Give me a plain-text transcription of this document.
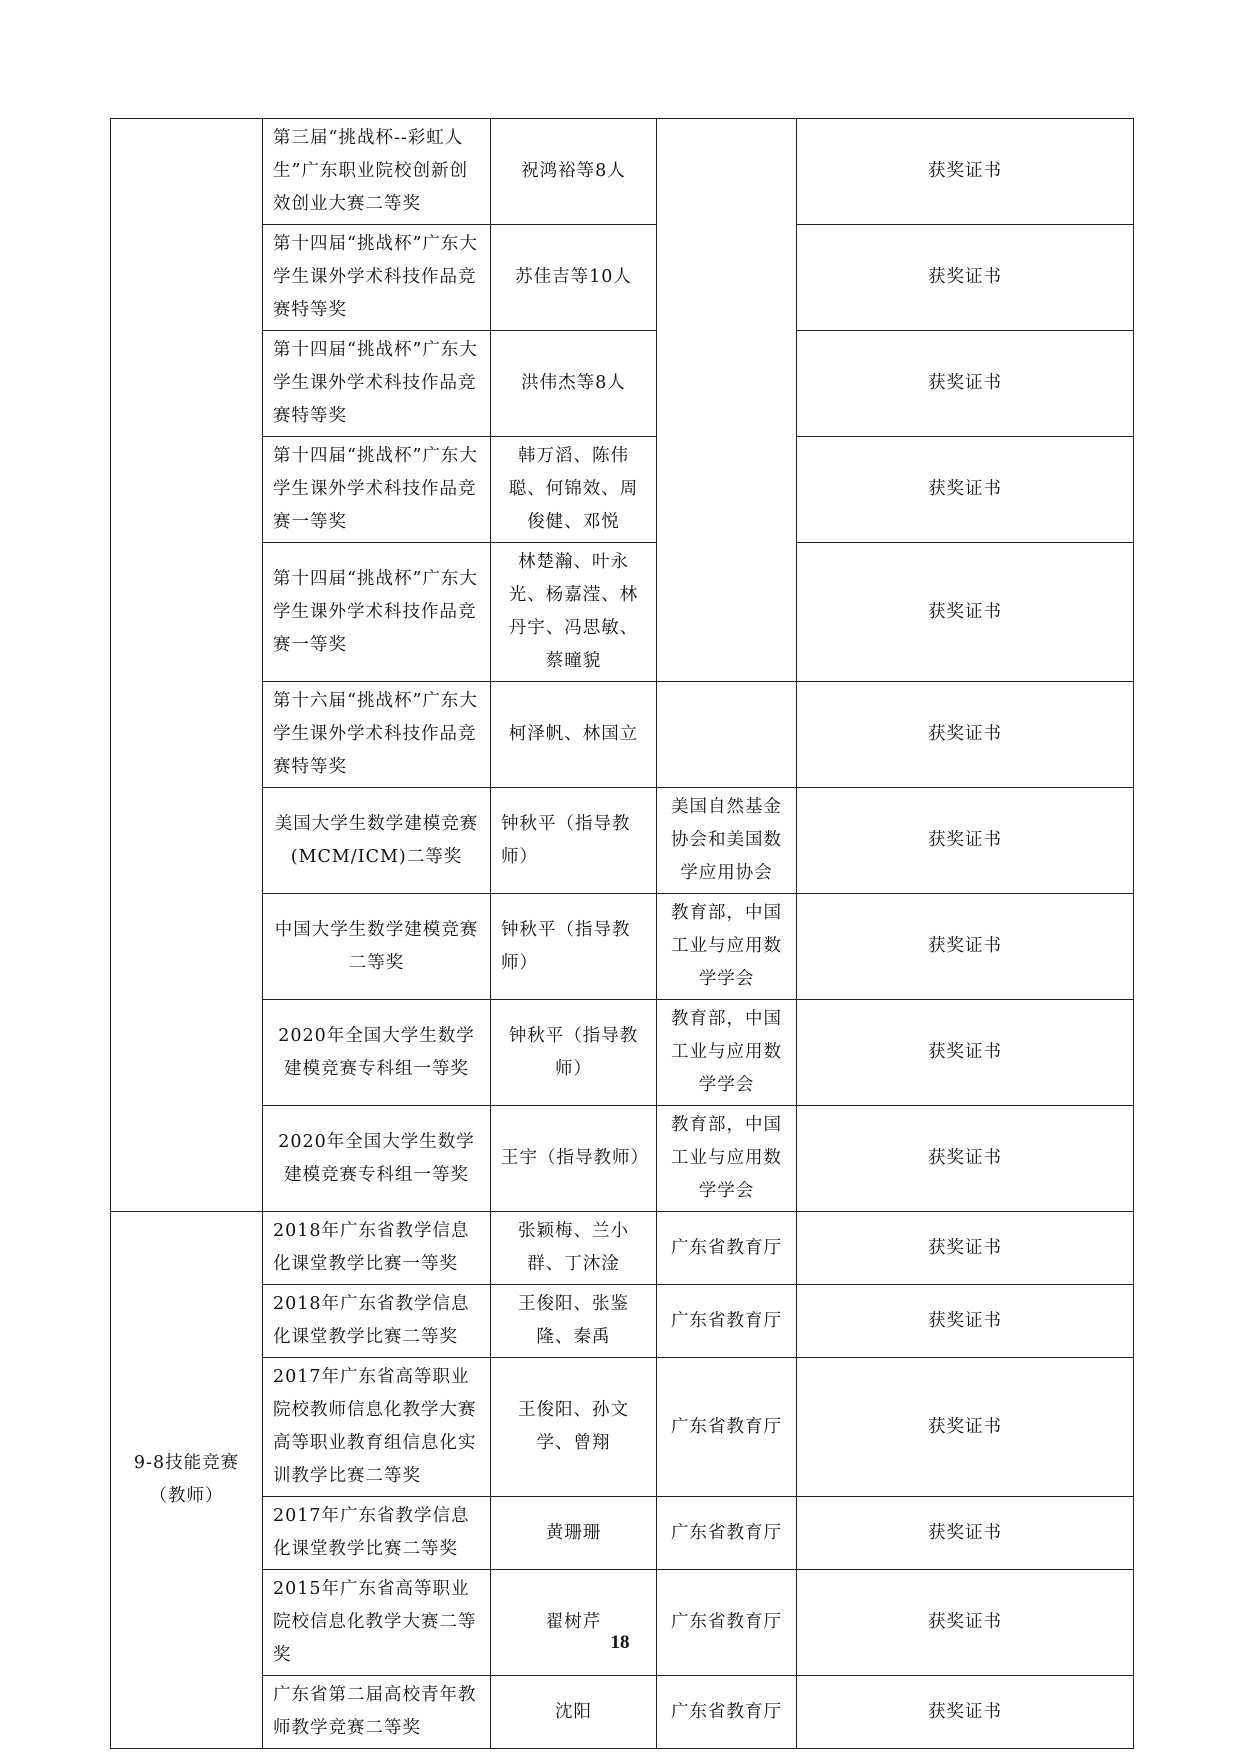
	第三届“挑战杯--彩虹人生”广东职业院校创新创效创业大赛二等奖	祝鸿裕等8人		获奖证书
	第十四届“挑战杯”广东大学生课外学术科技作品竞赛特等奖	苏佳吉等10人		获奖证书
	第十四届“挑战杯”广东大学生课外学术科技作品竞赛特等奖	洪伟杰等8人		获奖证书
	第十四届“挑战杯”广东大学生课外学术科技作品竞赛一等奖	韩万滔、陈伟聪、何锦效、周俊健、邓悦		获奖证书
	第十四届“挑战杯”广东大学生课外学术科技作品竞赛一等奖	林楚瀚、叶永光、杨嘉滢、林丹宇、冯思敏、蔡曈貌		获奖证书
	第十六届“挑战杯”广东大学生课外学术科技作品竞赛特等奖	柯泽帆、林国立		获奖证书
	美国大学生数学建模竞赛(MCM/ICM)二等奖	钟秋平（指导教师）	美国自然基金协会和美国数学应用协会	获奖证书
	中国大学生数学建模竞赛二等奖	钟秋平（指导教师）	教育部，中国工业与应用数学学会	获奖证书
	2020年全国大学生数学建模竞赛专科组一等奖	钟秋平（指导教师）	教育部，中国工业与应用数学学会	获奖证书
	2020年全国大学生数学建模竞赛专科组一等奖	王宇（指导教师）	教育部，中国工业与应用数学学会	获奖证书
9-8技能竞赛（教师）	2018年广东省教学信息化课堂教学比赛一等奖	张颖梅、兰小群、丁沐淦	广东省教育厅	获奖证书
	2018年广东省教学信息化课堂教学比赛二等奖	王俊阳、张鉴隆、秦禹	广东省教育厅	获奖证书
	2017年广东省高等职业院校教师信息化教学大赛高等职业教育组信息化实训教学比赛二等奖	王俊阳、孙文学、曾翔	广东省教育厅	获奖证书
	2017年广东省教学信息化课堂教学比赛二等奖	黄珊珊	广东省教育厅	获奖证书
	2015年广东省高等职业院校信息化教学大赛二等奖	翟树芹	广东省教育厅	获奖证书
	广东省第二届高校青年教师教学竞赛二等奖	沈阳	广东省教育厅	获奖证书
18
